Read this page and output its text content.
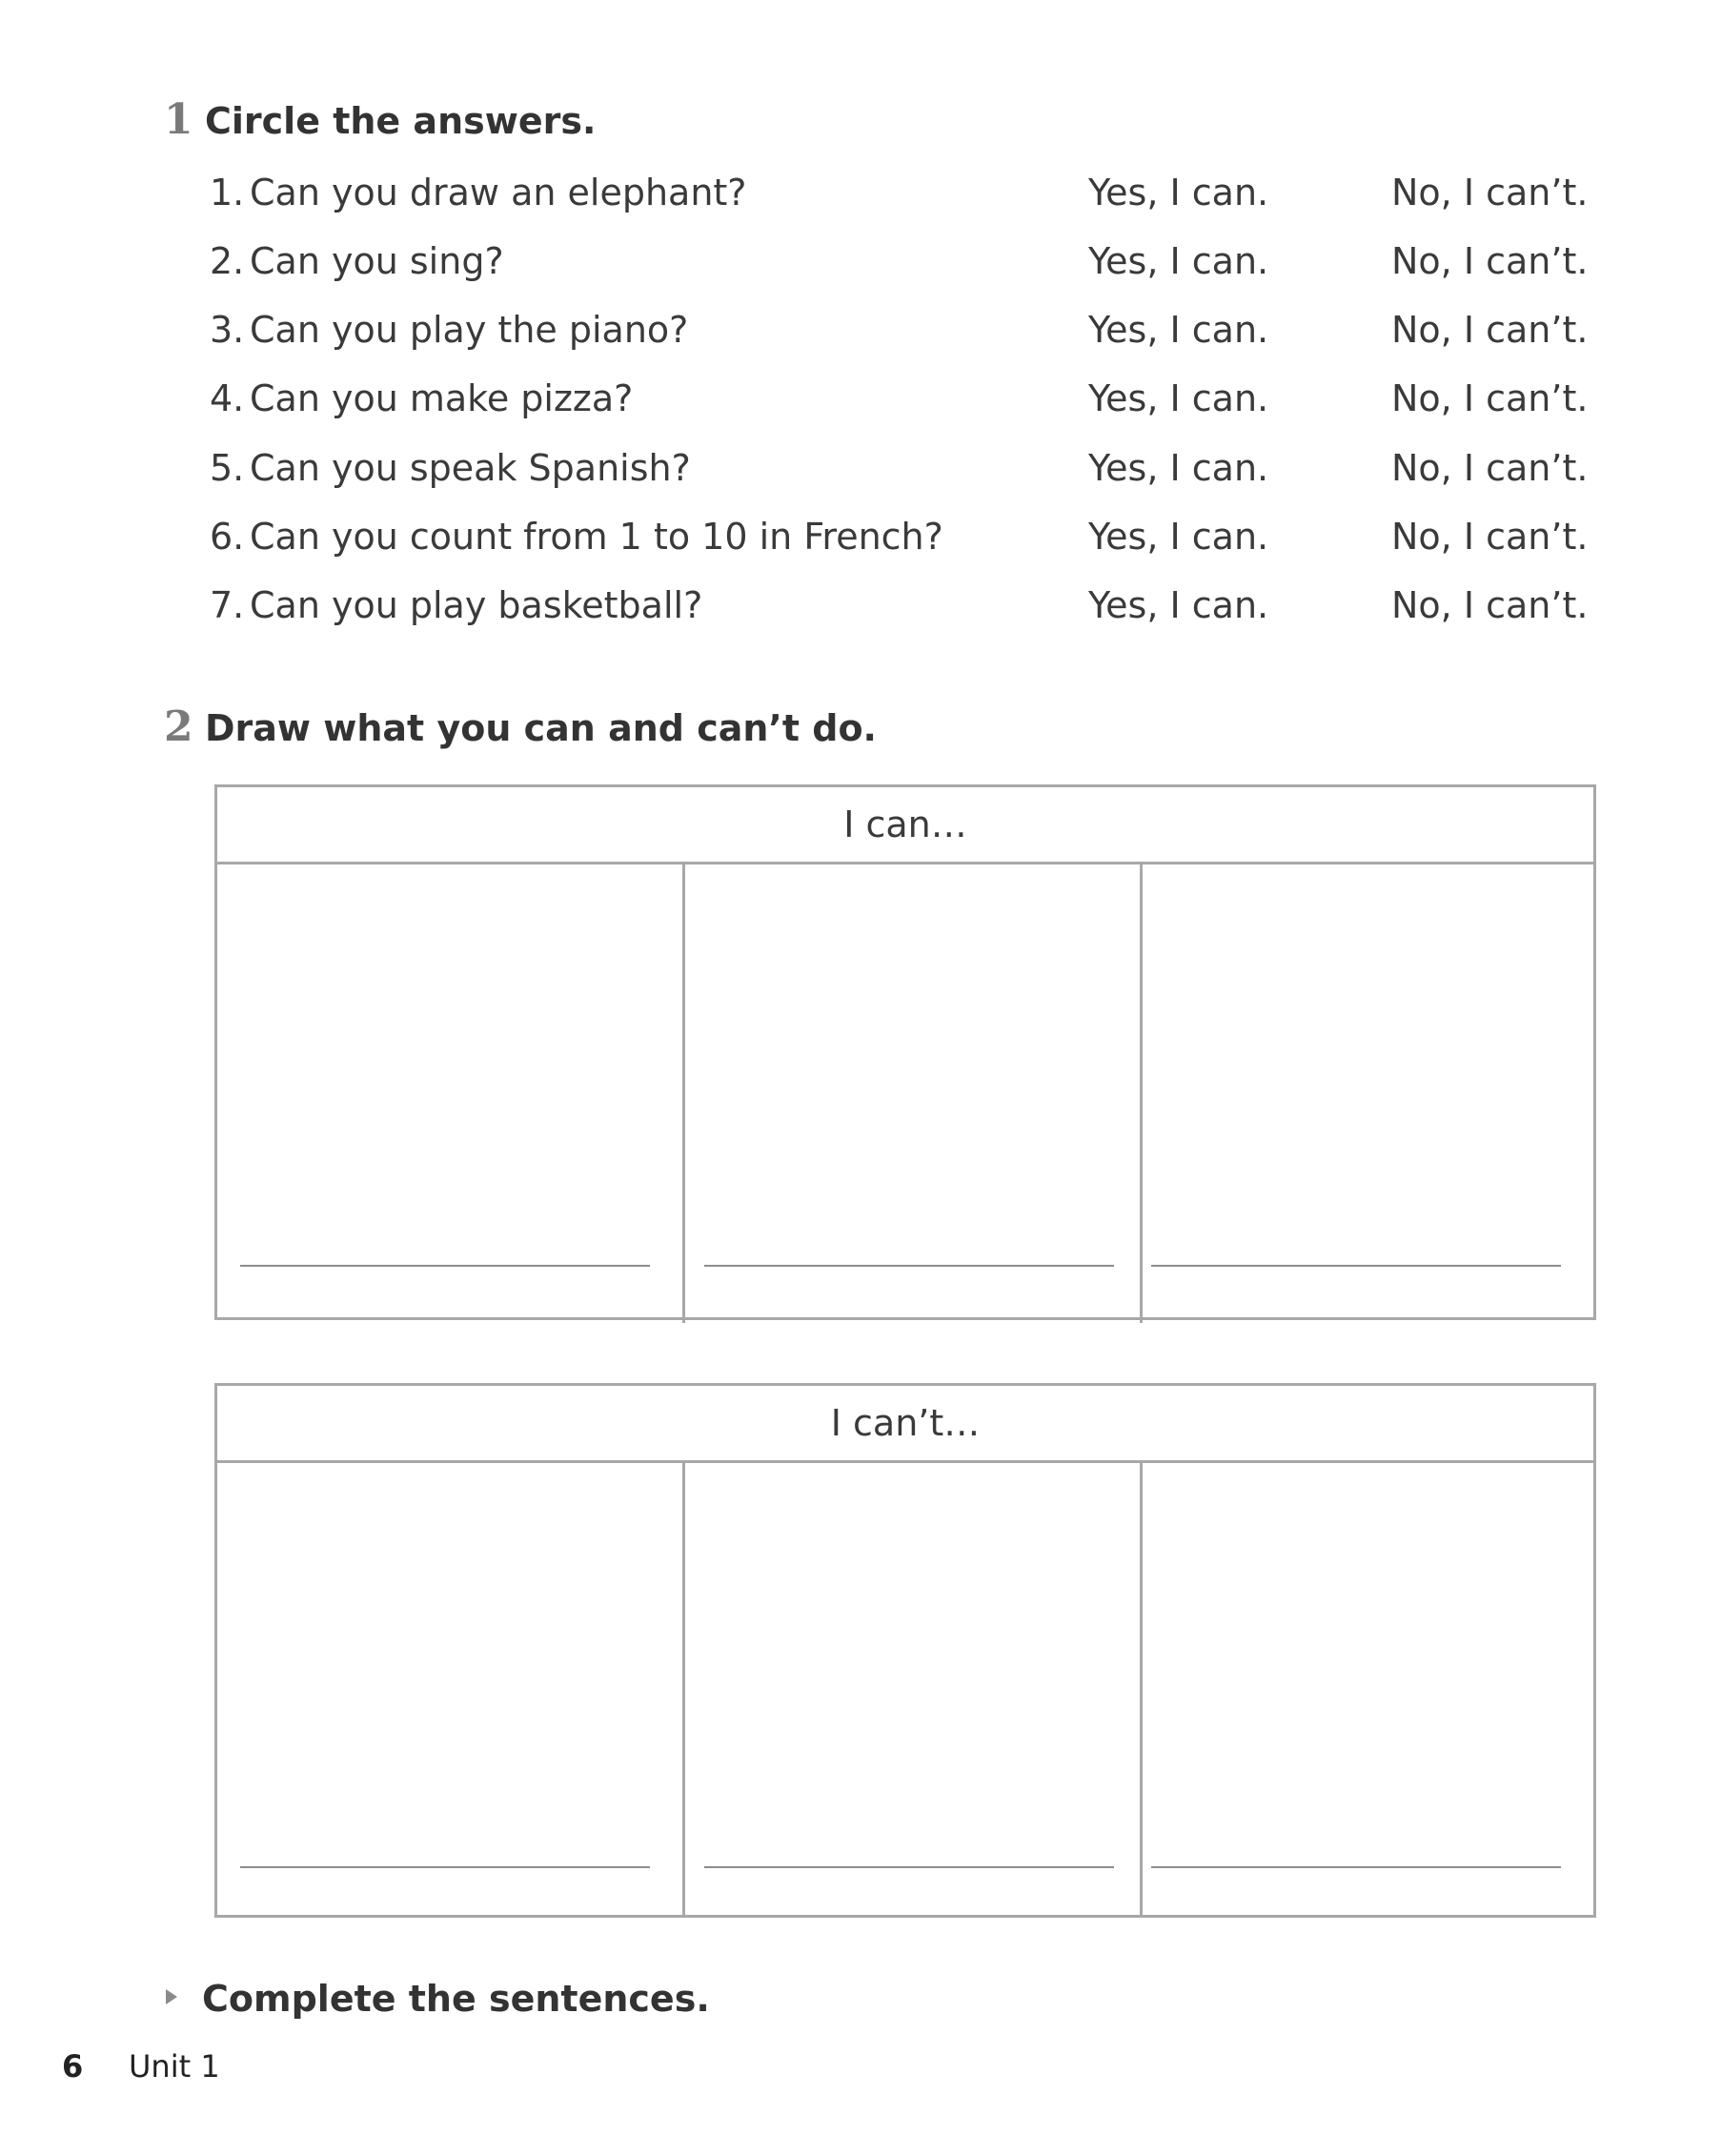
1 Circle the answers.
1. Can you draw an elephant?	Yes, I can.	No, I can’t.
2. Can you sing?	Yes, I can.	No, I can’t.
3. Can you play the piano?	Yes, I can.	No, I can’t.
4. Can you make pizza?	Yes, I can.	No, I can’t.
5. Can you speak Spanish?	Yes, I can.	No, I can’t.
6. Can you count from 1 to 10 in French?	Yes, I can.	No, I can’t.
7. Can you play basketball?	Yes, I can.	No, I can’t.
2 Draw what you can and can’t do.
I can…
I can’t…
Complete the sentences.
6 Unit 1
